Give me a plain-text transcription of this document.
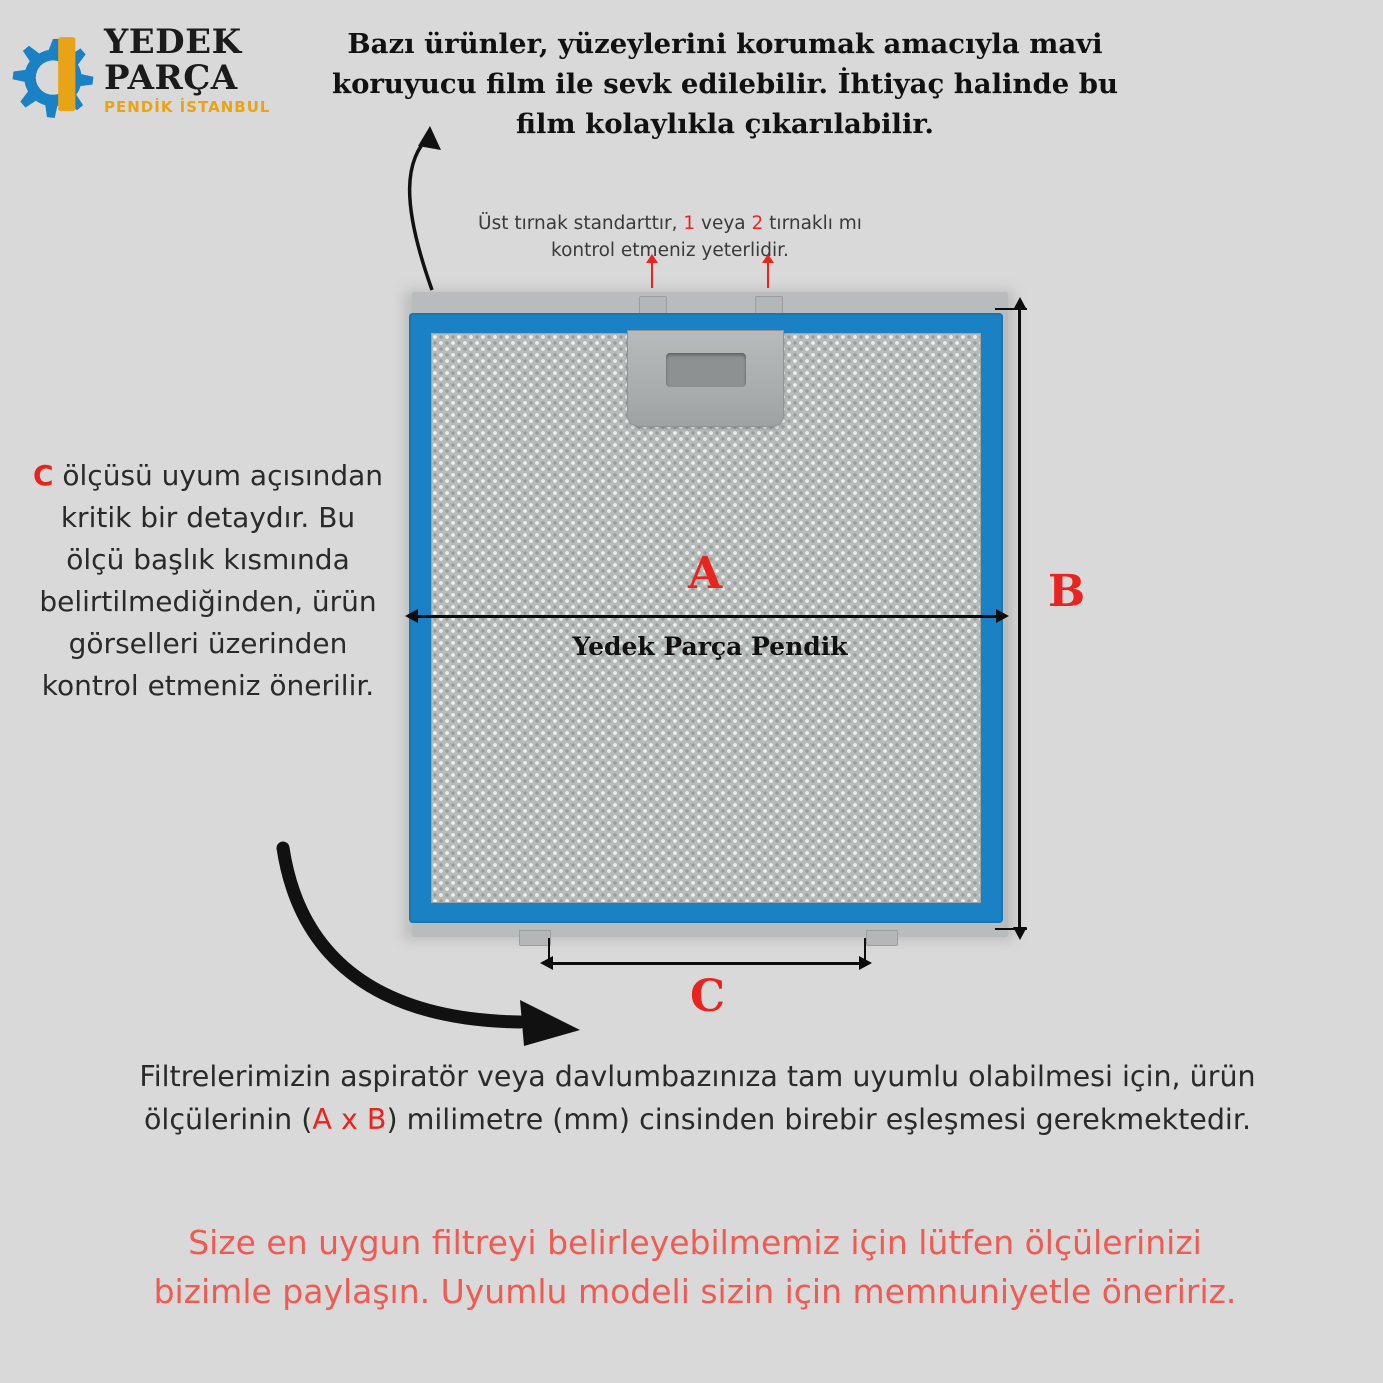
YEDEK
PARÇA
PENDİK İSTANBUL
Bazı ürünler, yüzeylerini korumak amacıyla mavi koruyucu film ile sevk edilebilir. İhtiyaç halinde bu film kolaylıkla çıkarılabilir.
Üst tırnak standarttır, 1 veya 2 tırnaklı mı kontrol etmeniz yeterlidir.
A
Yedek Parça Pendik
B
C
C ölçüsü uyum açısından kritik bir detaydır. Bu ölçü başlık kısmında belirtilmediğinden, ürün görselleri üzerinden kontrol etmeniz önerilir.
Filtrelerimizin aspiratör veya davlumbazınıza tam uyumlu olabilmesi için, ürün ölçülerinin (A x B) milimetre (mm) cinsinden birebir eşleşmesi gerekmektedir.
Size en uygun filtreyi belirleyebilmemiz için lütfen ölçülerinizi bizimle paylaşın. Uyumlu modeli sizin için memnuniyetle öneririz.
